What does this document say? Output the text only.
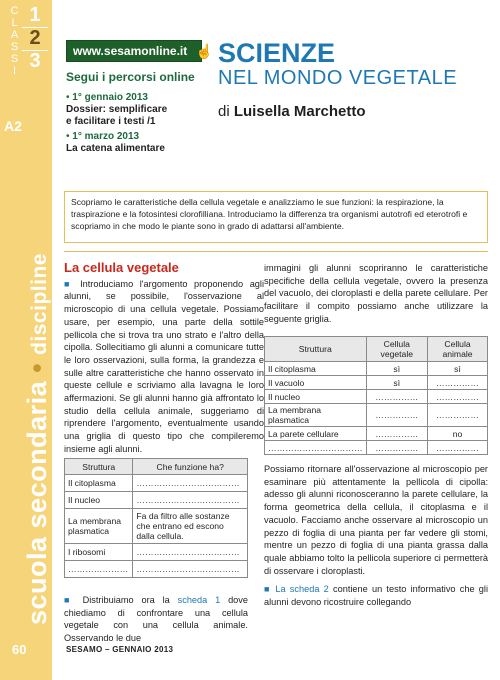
C
L
A
S
S
I
1
2
3
A2
scuola secondaria • discipline
60
www.sesamonline.it ☝
Segui i percorsi online
• 1° gennaio 2013
Dossier: semplificare
e facilitare i testi /1
• 1° marzo 2013
La catena alimentare
SCIENZE
NEL MONDO VEGETALE
di Luisella Marchetto
Scopriamo le caratteristiche della cellula vegetale e analizziamo le sue funzioni: la respirazione, la traspirazione e la fotosintesi clorofilliana. Introduciamo la differenza tra organismi autotrofi ed eterotrofi e scopriamo in che modo le piante sono in grado di adattarsi all'ambiente.
La cellula vegetale
■ Introduciamo l'argomento proponendo agli alunni, se possibile, l'osservazione al microscopio di una cellula vegetale. Possiamo usare, per esempio, una parte della sottile pellicola che si trova tra uno strato e l'altro della cipolla. Sollecitiamo gli alunni a comunicare tutte le loro osservazioni, sulla forma, la grandezza e sulle altre caratteristiche che hanno osservato in queste cellule e scriviamo alla lavagna le loro affermazioni. Se gli alunni hanno già affrontato lo studio della cellula animale, suggeriamo di riprendere l'argomento, eventualmente usando una griglia di questo tipo che compileremo insieme agli alunni.
Struttura	Che funzione ha?
Il citoplasma	………………………………
Il nucleo	………………………………
La membrana plasmatica	Fa da filtro alle sostanze che entrano ed escono dalla cellula.
I ribosomi	………………………………
…………………	………………………………
■ Distribuiamo ora la scheda 1 dove chiediamo di confrontare una cellula vegetale con una cellula animale. Osservando le due
immagini gli alunni scopriranno le caratteristiche specifiche della cellula vegetale, ovvero la presenza del vacuolo, dei cloroplasti e della parete cellulare. Per facilitare il compito possiamo anche utilizzare la seguente griglia.
Struttura	Cellula vegetale	Cellula animale
Il citoplasma	sì	sì
Il vacuolo	sì	……………
Il nucleo	……………	……………
La membrana plasmatica	……………	……………
La parete cellulare	……………	no
……………………………	……………	……………
Possiamo ritornare all'osservazione al microscopio per esaminare più attentamente la pellicola di cipolla: adesso gli alunni riconosceranno la parete cellulare, la forma geometrica della cellula, il citoplasma e il vacuolo. Facciamo anche osservare al microscopio un pezzo di foglia di una pianta per far vedere gli stomi, mentre un pezzo di foglia di una pianta grassa dalla quale abbiamo tolto la pellicola superiore ci permetterà di osservare i cloroplasti.
■ La scheda 2 contiene un testo informativo che gli alunni devono ricostruire collegando
SESAMO – GENNAIO 2013
